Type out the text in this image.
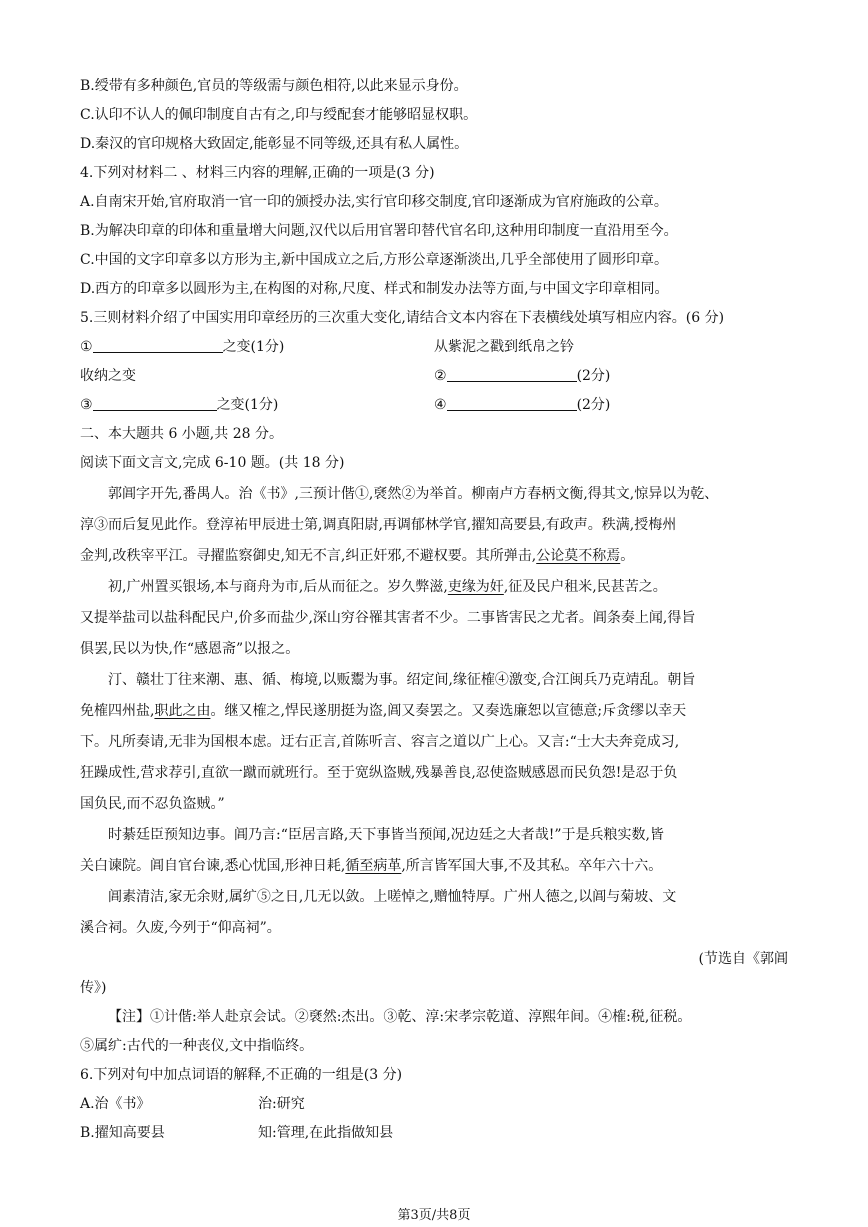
B.绶带有多种颜色,官员的等级需与颜色相符,以此来显示身份。
C.认印不认人的佩印制度自古有之,印与绶配套才能够昭显权职。
D.秦汉的官印规格大致固定,能彰显不同等级,还具有私人属性。
4.下列对材料二 、材料三内容的理解,正确的一项是(3 分)
A.自南宋开始,官府取消一官一印的颁授办法,实行官印移交制度,官印逐渐成为官府施政的公章。
B.为解决印章的印体和重量增大问题,汉代以后用官署印替代官名印,这种用印制度一直沿用至今。
C.中国的文字印章多以方形为主,新中国成立之后,方形公章逐渐淡出,几乎全部使用了圆形印章。
D.西方的印章多以圆形为主,在构图的对称,尺度、样式和制发办法等方面,与中国文字印章相同。
5.三则材料介绍了中国实用印章经历的三次重大变化,请结合文本内容在下表横线处填写相应内容。(6 分)
①	之变(1分)	从紫泥之戳到纸帛之钤
收纳之变	②	(2分)
③	之变(1分)	④	(2分)
二、本大题共 6 小题,共 28 分。
阅读下面文言文,完成 6-10 题。(共 18 分)
郭阊字开先,番禺人。治《书》,三预计偕①,褎然②为举首。柳南卢方春柄文衡,得其文,惊异以为乾、
淳③而后复见此作。登淳祐甲辰进士第,调真阳尉,再调郁林学官,擢知高要县,有政声。秩满,授梅州
金判,改秩宰平江。寻擢监察御史,知无不言,纠正奸邪,不避权要。其所弹击,公论莫不称焉。
初,广州置买银场,本与商舟为市,后从而征之。岁久弊滋,吏缘为奸,征及民户租米,民甚苦之。
又提举盐司以盐科配民户,价多而盐少,深山穷谷罹其害者不少。二事皆害民之尤者。阊条奏上闻,得旨
俱罢,民以为快,作“感恩斋”以报之。
汀、赣壮丁往来潮、惠、循、梅境,以贩鬻为事。绍定间,缘征榷④激变,合江闽兵乃克靖乱。朝旨
免榷四州盐,职此之由。继又榷之,悍民遂朋挺为盗,阊又奏罢之。又奏选廉恕以宣德意;斥贪缪以幸天
下。凡所奏请,无非为国根本虑。迂右正言,首陈听言、容言之道以广上心。又言:“士大夫奔竞成习,
狂躁成性,营求荐引,直欲一蹴而就班行。至于宽纵盗贼,残暴善良,忍使盗贼感恩而民负怨!是忍于负
国负民,而不忍负盗贼。”
时綦廷臣预知边事。阊乃言:“臣居言路,天下事皆当预闻,况边廷之大者哉!”于是兵粮实数,皆
关白谏院。阊自官台谏,悉心忧国,形神日耗,循至病革,所言皆军国大事,不及其私。卒年六十六。
阊素清洁,家无余财,属纩⑤之日,几无以敛。上嗟悼之,赠恤特厚。广州人德之,以阊与菊坡、文
溪合祠。久废,今列于“仰高祠”。
(节选自《郭阊
传》)
【注】①计偕:举人赴京会试。②褎然:杰出。③乾、淳:宋孝宗乾道、淳熙年间。④榷:税,征税。
⑤属纩:古代的一种丧仪,文中指临终。
6.下列对句中加点词语的解释,不正确的一组是(3 分)
A.治《书》	治:研究
B.擢知高要县	知:管理,在此指做知县
第3页/共8页
